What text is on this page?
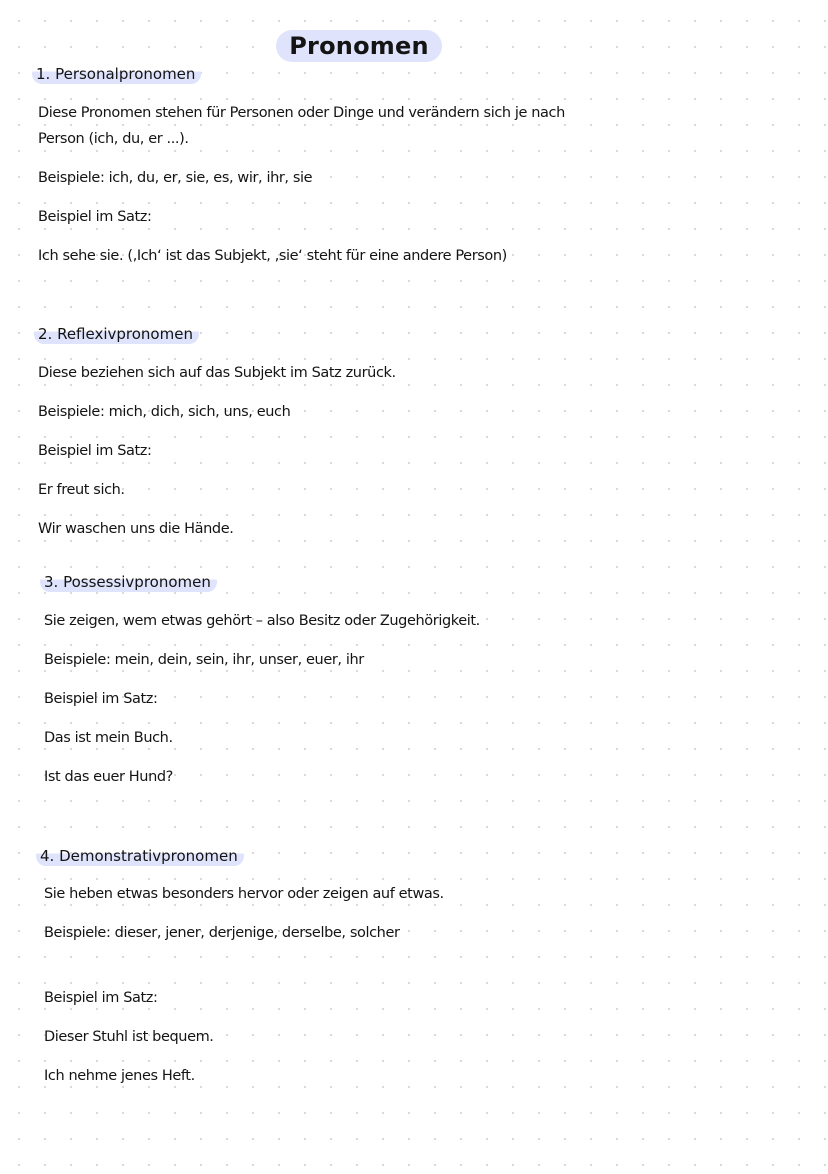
Pronomen
1. Personalpronomen
Diese Pronomen stehen für Personen oder Dinge und verändern sich je nach
Person (ich, du, er ...).
Beispiele: ich, du, er, sie, es, wir, ihr, sie
Beispiel im Satz:
Ich sehe sie. (‚Ich‘ ist das Subjekt, ‚sie‘ steht für eine andere Person)
2. Reflexivpronomen
Diese beziehen sich auf das Subjekt im Satz zurück.
Beispiele: mich, dich, sich, uns, euch
Beispiel im Satz:
Er freut sich.
Wir waschen uns die Hände.
3. Possessivpronomen
Sie zeigen, wem etwas gehört – also Besitz oder Zugehörigkeit.
Beispiele: mein, dein, sein, ihr, unser, euer, ihr
Beispiel im Satz:
Das ist mein Buch.
Ist das euer Hund?
4. Demonstrativpronomen
Sie heben etwas besonders hervor oder zeigen auf etwas.
Beispiele: dieser, jener, derjenige, derselbe, solcher
Beispiel im Satz:
Dieser Stuhl ist bequem.
Ich nehme jenes Heft.
